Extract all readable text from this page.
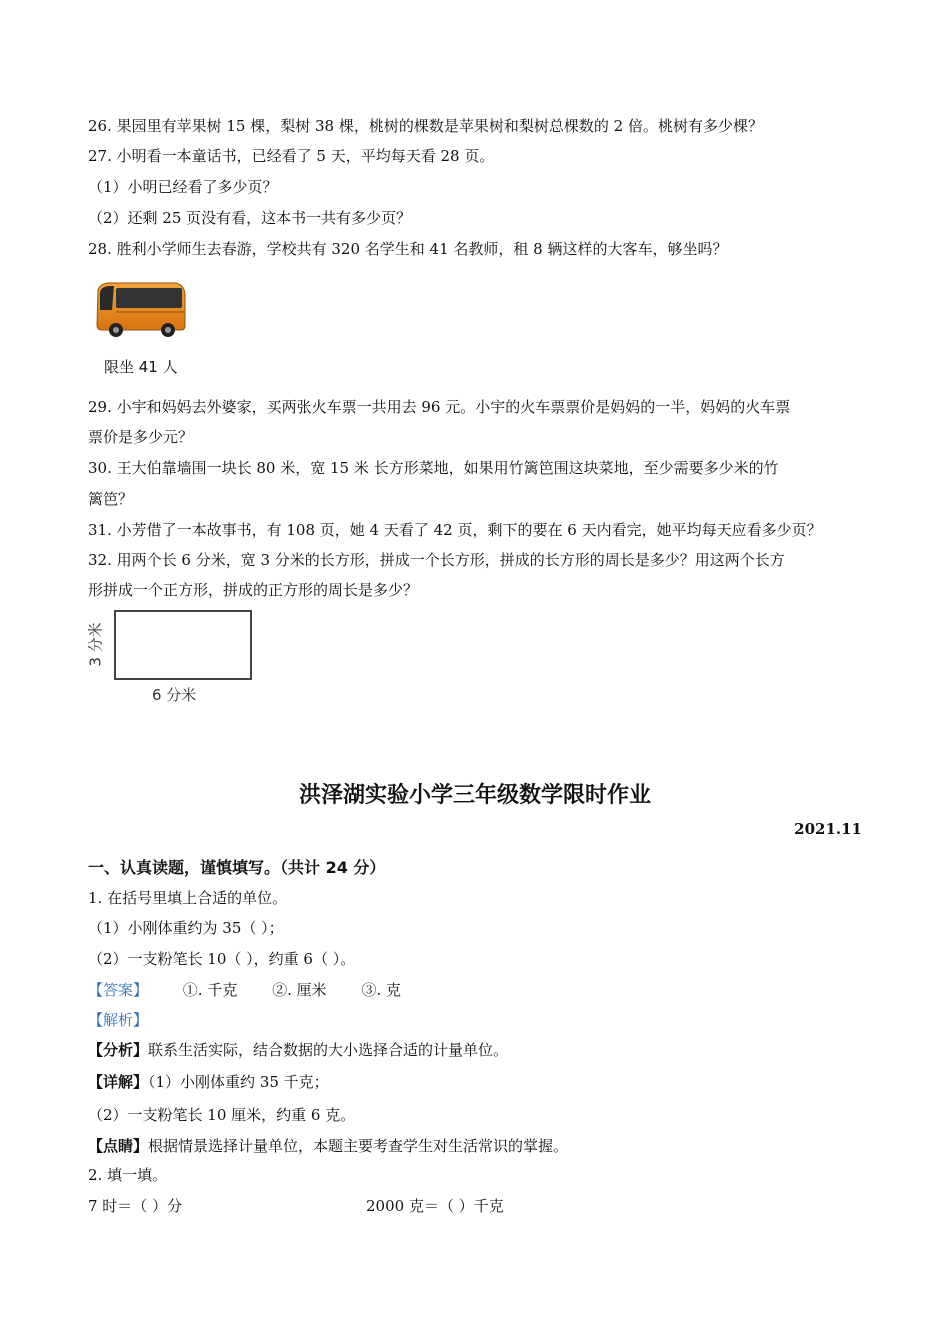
26. 果园里有苹果树 15 棵，梨树 38 棵，桃树的棵数是苹果树和梨树总棵数的 2 倍。桃树有多少棵？
27. 小明看一本童话书，已经看了 5 天，平均每天看 28 页。
（1）小明已经看了多少页？
（2）还剩 25 页没有看，这本书一共有多少页？
28. 胜利小学师生去春游，学校共有 320 名学生和 41 名教师，租 8 辆这样的大客车，够坐吗？
限坐 41 人
29. 小宇和妈妈去外婆家，买两张火车票一共用去 96 元。小宇的火车票票价是妈妈的一半，妈妈的火车票
票价是多少元？
30. 王大伯靠墙围一块长 80 米，宽 15 米 长方形菜地，如果用竹篱笆围这块菜地，至少需要多少米的竹
篱笆？
31. 小芳借了一本故事书，有 108 页，她 4 天看了 42 页，剩下的要在 6 天内看完，她平均每天应看多少页？
32. 用两个长 6 分米，宽 3 分米的长方形，拼成一个长方形，拼成的长方形的周长是多少？用这两个长方
形拼成一个正方形，拼成的正方形的周长是多少？
3 分米
6 分米
洪泽湖实验小学三年级数学限时作业
2021.11
一、认真读题，谨慎填写。（共计 24 分）
1. 在括号里填上合适的单位。
（1）小刚体重约为 35（ ）；
（2）一支粉笔长 10（ ），约重 6（ ）。
【答案】 ①. 千克 ②. 厘米 ③. 克
【解析】
【分析】联系生活实际，结合数据的大小选择合适的计量单位。
【详解】（1）小刚体重约 35 千克；
（2）一支粉笔长 10 厘米，约重 6 克。
【点睛】根据情景选择计量单位，本题主要考查学生对生活常识的掌握。
2. 填一填。
7 时＝（ ）分	2000 克＝（ ）千克
